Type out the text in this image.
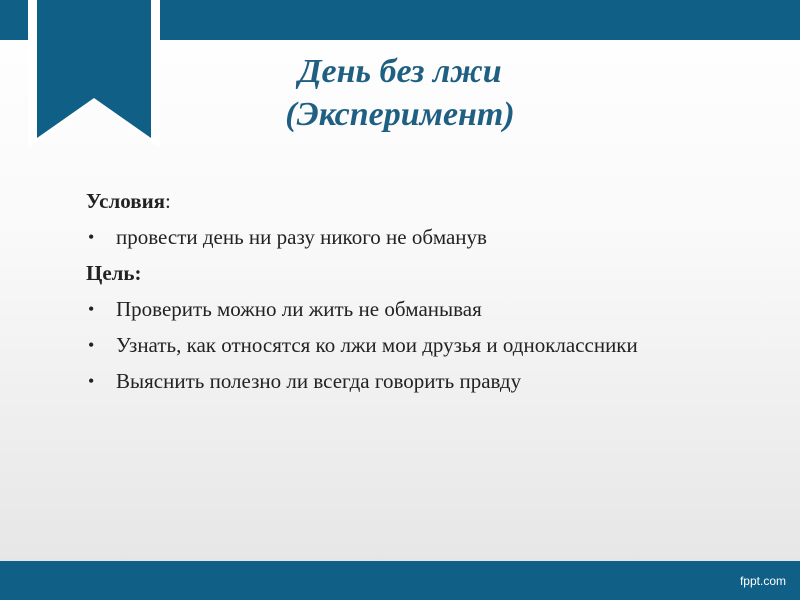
День без лжи
(Эксперимент)
Условия:
• провести день ни разу никого не обманув
Цель:
• Проверить можно ли жить не обманывая
• Узнать, как относятся ко лжи мои друзья и одноклассники
• Выяснить полезно ли всегда говорить правду
fppt.com
